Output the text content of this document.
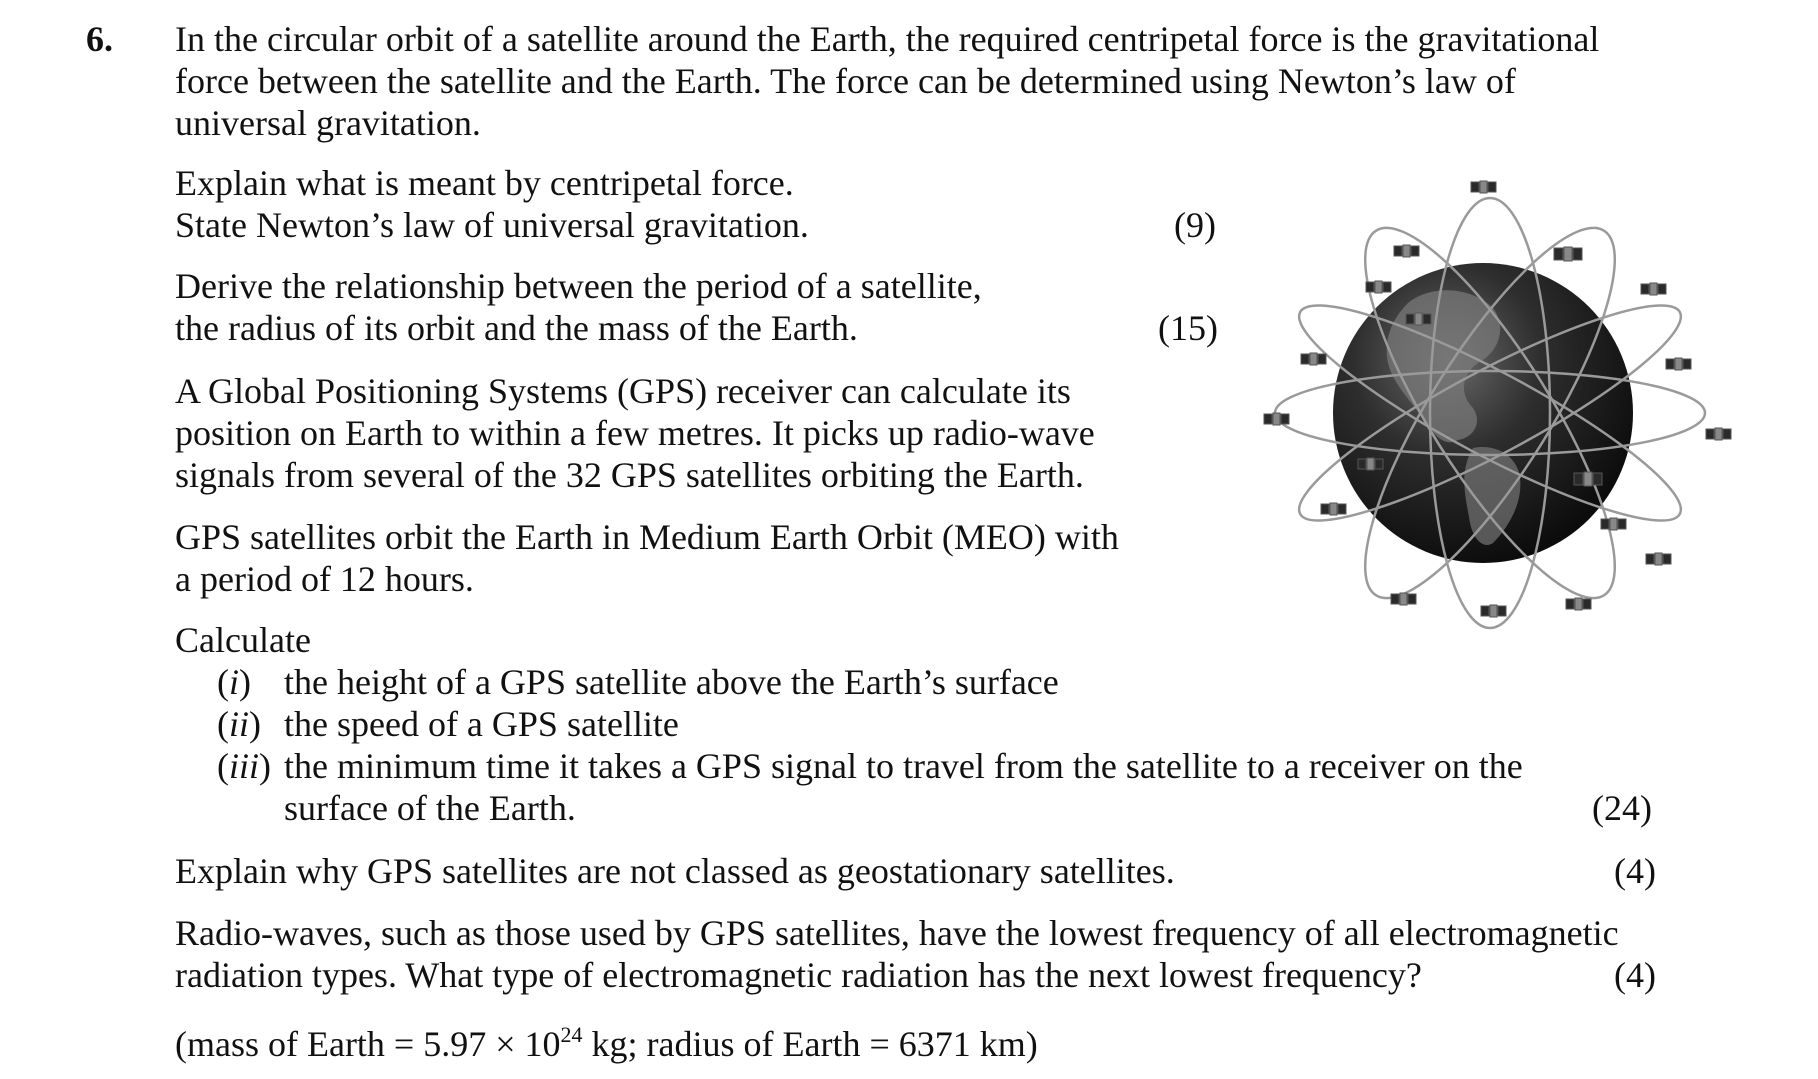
6. In the circular orbit of a satellite around the Earth, the required centripetal force is the gravitational
force between the satellite and the Earth. The force can be determined using Newton’s law of
universal gravitation.
Explain what is meant by centripetal force.
State Newton’s law of universal gravitation.	(9)
Derive the relationship between the period of a satellite,
the radius of its orbit and the mass of the Earth.	(15)
A Global Positioning Systems (GPS) receiver can calculate its
position on Earth to within a few metres. It picks up radio-wave
signals from several of the 32 GPS satellites orbiting the Earth.
GPS satellites orbit the Earth in Medium Earth Orbit (MEO) with
a period of 12 hours.
Calculate
(i) the height of a GPS satellite above the Earth’s surface
(ii) the speed of a GPS satellite
(iii) the minimum time it takes a GPS signal to travel from the satellite to a receiver on the
surface of the Earth.	(24)
Explain why GPS satellites are not classed as geostationary satellites.	(4)
Radio-waves, such as those used by GPS satellites, have the lowest frequency of all electromagnetic
radiation types. What type of electromagnetic radiation has the next lowest frequency?	(4)
(mass of Earth = $5.97 \times 10^{24}$ kg; radius of Earth = 6371 km)
